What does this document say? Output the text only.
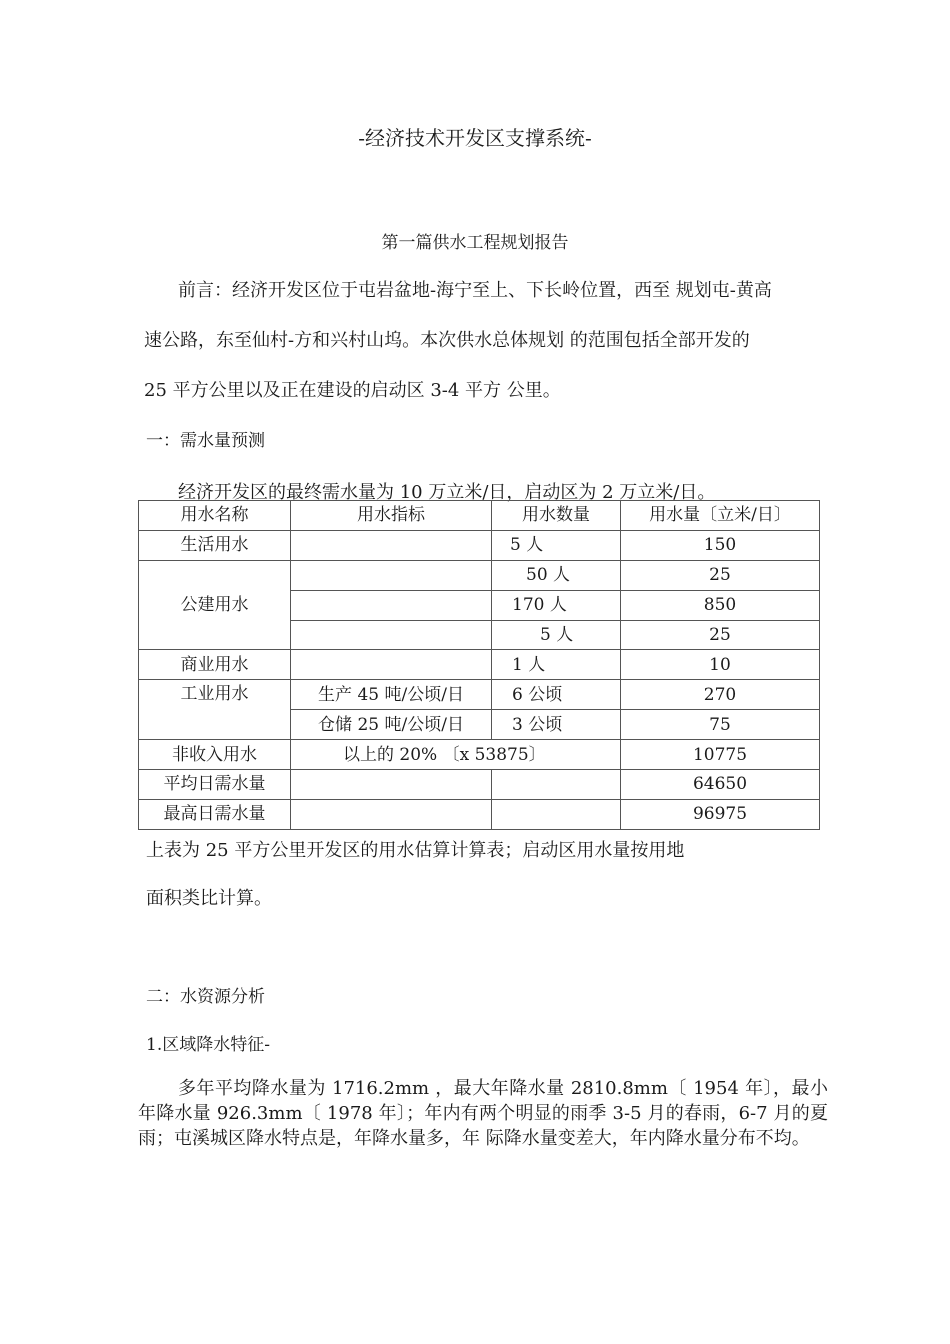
-经济技术开发区支撑系统-
第一篇供水工程规划报告
前言：经济开发区位于屯岩盆地-海宁至上、下长岭位置，西至 规划屯-黄高
速公路，东至仙村-方和兴村山坞。本次供水总体规划 的范围包括全部开发的
25 平方公里以及正在建设的启动区 3-4 平方 公里。
一：需水量预测
经济开发区的最终需水量为 10 万立米/日，启动区为 2 万立米/日。
用水名称	用水指标	用水数量	用水量〔立米/日〕
生活用水		5 人	150
公建用水		50 人	25
		170 人	850
		5 人	25
商业用水		1 人	10
工业用水	生产 45 吨/公顷/日	6 公顷	270
	仓储 25 吨/公顷/日	3 公顷	75
非收入用水	以上的 20% 〔x 53875〕		10775
平均日需水量			64650
最高日需水量			96975
上表为 25 平方公里开发区的用水估算计算表；启动区用水量按用地
面积类比计算。
二：水资源分析
1.区域降水特征-
多年平均降水量为 1716.2mm ，最大年降水量 2810.8mm〔 1954 年〕，最小年降水量 926.3mm〔 1978 年〕；年内有两个明显的雨季 3-5 月的春雨，6-7 月的夏雨；屯溪城区降水特点是，年降水量多，年 际降水量变差大，年内降水量分布不均。
